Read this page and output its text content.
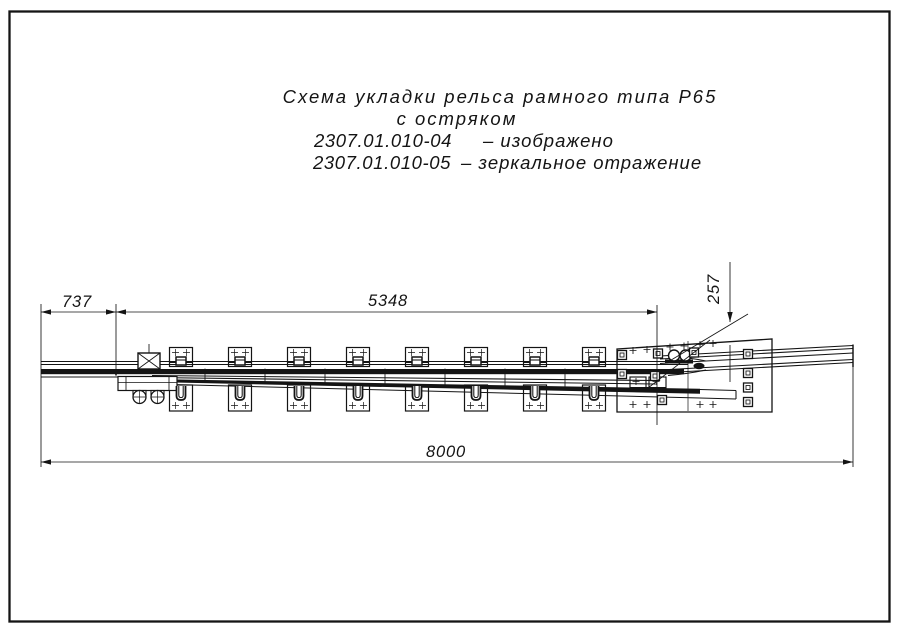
Схема укладки рельса рамного типа Р65
с остряком
2307.01.010-04 – изображено
2307.01.010-05 – зеркальное отражение
737	5348	257
8000
